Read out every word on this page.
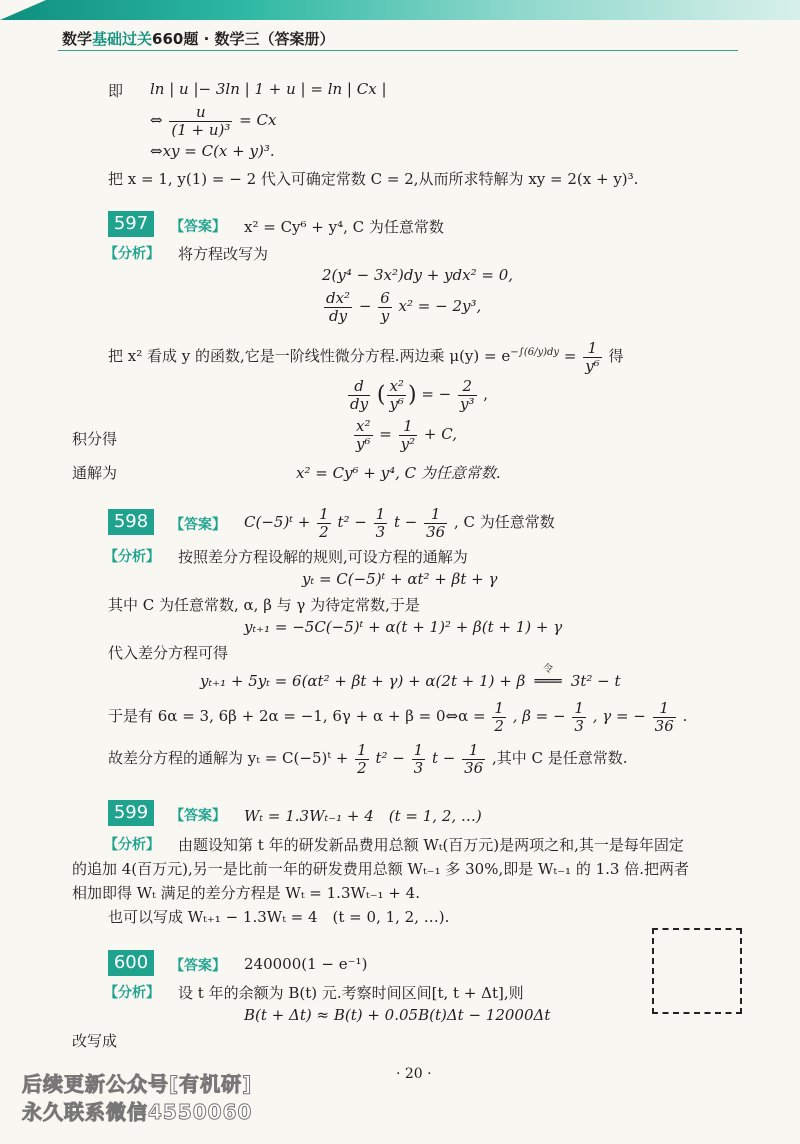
数学基础过关660题 · 数学三（答案册）
即 ln | u |− 3ln | 1 + u | = ln | Cx |
⇔ $\frac{u}{\text{(1 + u)³}} = Cx$
⇔xy = C(x + y)³.
把 x = 1, y(1) = − 2 代入可确定常数 C = 2,从而所求特解为 xy = 2(x + y)³.
597	【答案】 x² = Cy⁶ + y⁴, C 为任意常数
【分析】 将方程改写为
2(y⁴ − 3x²)dy + ydx² = 0,
$\frac{\text{dx²}}{dy} - \frac{6}{y} x^2$ = − 2y³,
把 x² 看成 y 的函数,它是一阶线性微分方程.两边乘 $\mu(y) = e^{-\int(6/y)dy} = \frac{1}{\text{y⁶}}$ 得
$\frac{d}{dy}$ ( $\frac{\text{x²}}{\text{y⁶}}$ ) = − $\frac{2}{\text{y³}}$ ,
积分得	$\frac{\text{x²}}{\text{y⁶}} = \frac{1}{\text{y²}} + C$,
通解为	x² = Cy⁶ + y⁴, C 为任意常数.
598	【答案】 C(−5)ᵗ + $\frac{1}{2} t^2 - \frac{1}{3}$ $t - \frac{1}{36}$ , C 为任意常数
【分析】 按照差分方程设解的规则,可设方程的通解为
yₜ = C(−5)ᵗ + αt² + βt + γ
其中 C 为任意常数, α, β 与 γ 为待定常数,于是
yₜ₊₁ = −5C(−5)ᵗ + α(t + 1)² + β(t + 1) + γ
代入差分方程可得
yₜ₊₁ + 5yₜ = 6(αt² + βt + γ) + α(2t + 1) + β
令
═══ 3t² − t
于是有 6α = 3, 6β + 2α = −1, 6γ + α + β = 0⇔α = $\frac{1}{2}$ , β = − $\frac{1}{3}$ , γ = − $\frac{1}{36}$ .
故差分方程的通解为 yₜ = C(−5)ᵗ + $\frac{1}{2} t^2 - \frac{1}{3}$ $t - \frac{1}{36}$ ,其中 C 是任意常数.
599	【答案】 Wₜ = 1.3Wₜ₋₁ + 4　(t = 1, 2, …)
【分析】 由题设知第 t 年的研发新品费用总额 Wₜ(百万元)是两项之和,其一是每年固定
的追加 4(百万元),另一是比前一年的研发费用总额 Wₜ₋₁ 多 30%,即是 Wₜ₋₁ 的 1.3 倍.把两者
相加即得 Wₜ 满足的差分方程是 Wₜ = 1.3Wₜ₋₁ + 4.
也可以写成 Wₜ₊₁ − 1.3Wₜ = 4　(t = 0, 1, 2, …).
600	【答案】 240000(1 − e⁻¹)
【分析】 设 t 年的余额为 B(t) 元.考察时间区间[t, t + Δt],则
B(t + Δt) ≈ B(t) + 0.05B(t)Δt − 12000Δt
改写成
· 20 ·
后续更新公众号[有机研]
永久联系微信4550060
